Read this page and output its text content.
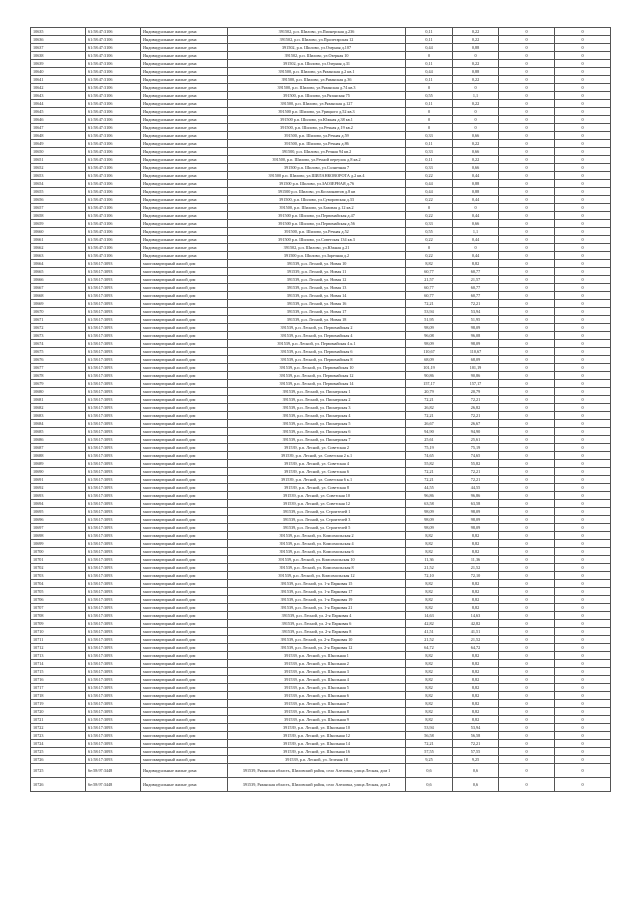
10635	61:58:47:3106	Индивидуальные жилые дома	391502, р.п. Шилово, ул.Пионерская д.236	0,11	0,22	0	0
10636	61:58:47:3106	Индивидуальные жилые дома	391502, р.п. Шилово, ул.Пролетарская 12	0,11	0,22	0	0
10637	61:58:47:3106	Индивидуальные жилые дома	391502, р.п. Шилово, ул.Озерная д.107	0,44	0,88	0	0
10638	61:58:47:3106	Индивидуальные жилые дома	391502, р.п. Шилово, ул.Озерная 10	0	0	0	0
10639	61:58:47:3106	Индивидуальные жилые дома	391502, р.п. Шилово, ул.Озерная д.31	0,11	0,22	0	0
10640	61:58:47:3106	Индивидуальные жилые дома	391500, р.п. Шилово, ул.Рязанская д.2 кв.1	0,44	0,88	0	0
10641	61:58:47:3106	Индивидуальные жилые дома	391500, р.п. Шилово, ул.Рязанская д.36	0,11	0,22	0	0
10642	61:58:47:3106	Индивидуальные жилые дома	391500, р.п. Шилово, ул.Рязанская д.74 кв.3	0	0	0	0
10643	61:58:47:3106	Индивидуальные жилые дома	391500, р.п. Шилово, ул.Рязанская 75	0,55	1,1	0	0
10644	61:58:47:3106	Индивидуальные жилые дома	391500, р.п. Шилово, ул.Рязанская д.127	0,11	0,22	0	0
10645	61:58:47:3106	Индивидуальные жилые дома	391500 р.п. Шилово, ул.Урицкого д.52 кв.3	0	0	0	0
10646	61:58:47:3106	Индивидуальные жилые дома	391500 р.п. Шилово, ул.Южная д.38 кв.1	0	0	0	0
10647	61:58:47:3106	Индивидуальные жилые дома	391500, р.п. Шилово, ул.Речная д.19 кв.2	0	0	0	0
10648	61:58:47:3106	Индивидуальные жилые дома	391500, р.п. Шилово, ул.Речная д.59	0,33	0,66	0	0
10649	61:58:47:3106	Индивидуальные жилые дома	391500, р.п. Шилово, ул.Речная д.86	0,11	0,22	0	0
10650	61:58:47:3106	Индивидуальные жилые дома	391500, р.п. Шилово, ул.Речная 94 кв.2	0,33	0,66	0	0
10651	61:58:47:3106	Индивидуальные жилые дома	391500, р.п. Шилово, ул.Речной переулок д.8 кв.2	0,11	0,22	0	0
10652	61:58:47:3106	Индивидуальные жилые дома	391500 р.п. Шилово, ул.Солнечная 7	0,33	0,66	0	0
10653	61:58:47:3106	Индивидуальные жилые дома	391500 р.п. Шилово, ул.ШИЛАНКОВОРОТА д.2 кв.4	0,22	0,44	0	0
10654	61:58:47:3106	Индивидуальные жилые дома	391500 р.п. Шилово, ул.ЗАОЗЕРНАЯ д.76	0,44	0,88	0	0
10655	61:58:47:3106	Индивидуальные жилые дома	391500 р.п. Шилово, ул.Космонавтов д.8 кв	0,44	0,88	0	0
10656	61:58:47:3106	Индивидуальные жилые дома	391500, р.п. Шилово, ул.Суворовская д.33	0,22	0,44	0	0
10657	61:58:47:3106	Индивидуальные жилые дома	391500, р.п. Шилово, ул.Базовая д.12 кв.2	0	0	0	0
10658	61:58:47:3106	Индивидуальные жилые дома	391500 р.п. Шилово, ул.Первомайская д.47	0,22	0,44	0	0
10659	61:58:47:3106	Индивидуальные жилые дома	391500 р.п. Шилово, ул.Первомайская д.56	0,33	0,66	0	0
10660	61:58:47:3106	Индивидуальные жилые дома	391500, р.п. Шилово, ул.Речная д.52	0,55	1,1	0	0
10661	61:58:47:3106	Индивидуальные жилые дома	391500 р.п. Шилово, ул.Советская 134 кв.3	0,22	0,44	0	0
10662	61:58:47:3106	Индивидуальные жилые дома	391502, р.п. Шилово, ул.Южная д.21	0	0	0	0
10663	61:58:47:3106	Индивидуальные жилые дома	391500 р.п. Шилово, ул.Заречная д.2	0,22	0,44	0	0
10664	61:58:17:3093	многоквартирный жилой дом	391539, р.п. Лесной, ул. Новая 10	8,82	8,82	0	0
10665	61:58:17:3093	многоквартирный жилой дом	391539, р.п. Лесной, ул. Новая 11	60,77	60,77	0	0
10666	61:58:17:3093	многоквартирный жилой дом	391539, р.п. Лесной, ул. Новая 12	21,57	21,57	0	0
10667	61:58:17:3093	многоквартирный жилой дом	391539, р.п. Лесной, ул. Новая 13	60,77	60,77	0	0
10668	61:58:17:3093	многоквартирный жилой дом	391539, р.п. Лесной, ул. Новая 14	60,77	60,77	0	0
10669	61:58:17:3093	многоквартирный жилой дом	391539, р.п. Лесной, ул. Новая 16	72,21	72,21	0	0
10670	61:58:17:3093	многоквартирный жилой дом	391539, р.п. Лесной, ул. Новая 17	53,94	53,94	0	0
10671	61:58:17:3093	многоквартирный жилой дом	391539, р.п. Лесной, ул. Новая 18	51,95	51,95	0	0
10672	61:58:17:3093	многоквартирный жилой дом	391539, р.п. Лесной, ул. Первомайская 2	98,09	98,09	0	0
10673	61:58:17:3093	многоквартирный жилой дом	391539, р.п. Лесной, ул. Первомайская 4	96,08	96,08	0	0
10674	61:58:17:3093	многоквартирный жилой дом	391539, р.п. Лесной, ул. Первомайская 4 к.1	98,09	98,09	0	0
10675	61:58:17:3093	многоквартирный жилой дом	391539, р.п. Лесной, ул. Первомайская 6	110,67	110,67	0	0
10676	61:58:17:3093	многоквартирный жилой дом	391539, р.п. Лесной, ул. Первомайская 8	68,09	68,09	0	0
10677	61:58:17:3093	многоквартирный жилой дом	391539, р.п. Лесной, ул. Первомайская 10	101,19	101,19	0	0
10678	61:58:17:3093	многоквартирный жилой дом	391539, р.п. Лесной, ул. Первомайская 12	90,86	90,86	0	0
10679	61:58:17:3093	многоквартирный жилой дом	391539, р.п. Лесной, ул. Первомайская 14	157,17	157,17	0	0
10680	61:58:17:3093	многоквартирный жилой дом	391539, р.п. Лесной, ул. Пионерская 1	20,79	20,79	0	0
10681	61:58:17:3093	многоквартирный жилой дом	391539, р.п. Лесной, ул. Пионерская 2	72,21	72,21	0	0
10682	61:58:17:3093	многоквартирный жилой дом	391539, р.п. Лесной, ул. Пионерская 3	26,82	26,82	0	0
10683	61:58:17:3093	многоквартирный жилой дом	391539, р.п. Лесной, ул. Пионерская 4	72,21	72,21	0	0
10684	61:58:17:3093	многоквартирный жилой дом	391539, р.п. Лесной, ул. Пионерская 5	26,67	26,67	0	0
10685	61:58:17:3093	многоквартирный жилой дом	391539, р.п. Лесной, ул. Пионерская 6	94,90	94,90	0	0
10686	61:58:17:3093	многоквартирный жилой дом	391539, р.п. Лесной, ул. Пионерская 7	25,61	25,61	0	0
10687	61:58:17:3093	многоквартирный жилой дом	391539, р.п. Лесной, ул. Советская 2	75,19	75,19	0	0
10688	61:58:17:3093	многоквартирный жилой дом	391539, р.п. Лесной, ул. Советская 2 к.1	74,65	74,65	0	0
10689	61:58:17:3093	многоквартирный жилой дом	391539, р.п. Лесной, ул. Советская 4	55,82	55,82	0	0
10690	61:58:17:3093	многоквартирный жилой дом	391539, р.п. Лесной, ул. Советская 6	72,21	72,21	0	0
10691	61:58:17:3093	многоквартирный жилой дом	391539, р.п. Лесной, ул. Советская 6 к.1	72,21	72,21	0	0
10692	61:58:17:3093	многоквартирный жилой дом	391539, р.п. Лесной, ул. Советская 8	44,55	44,55	0	0
10693	61:58:17:3093	многоквартирный жилой дом	391539, р.п. Лесной, ул. Советская 10	96,86	96,86	0	0
10694	61:58:17:3093	многоквартирный жилой дом	391539, р.п. Лесной, ул. Советская 12	63,58	63,58	0	0
10695	61:58:17:3093	многоквартирный жилой дом	391539, р.п. Лесной, ул. Строителей 1	98,09	98,09	0	0
10696	61:58:17:3093	многоквартирный жилой дом	391539, р.п. Лесной, ул. Строителей 3	98,09	98,09	0	0
10697	61:58:17:3093	многоквартирный жилой дом	391539, р.п. Лесной, ул. Строителей 5	98,09	98,09	0	0
10698	61:58:17:3093	многоквартирный жилой дом	391539, р.п. Лесной, ул. Комсомольская 2	8,82	8,82	0	0
10699	61:58:17:3093	многоквартирный жилой дом	391539, р.п. Лесной, ул. Комсомольская 4	8,82	8,82	0	0
10700	61:58:17:3093	многоквартирный жилой дом	391539, р.п. Лесной, ул. Комсомольская 6	8,82	8,82	0	0
10701	61:58:17:3093	многоквартирный жилой дом	391539, р.п. Лесной, ул. Комсомольская 10	11,36	11,36	0	0
10702	61:58:17:3093	многоквартирный жилой дом	391539, р.п. Лесной, ул. Комсомольская 8	21,52	21,52	0	0
10703	61:58:17:3093	многоквартирный жилой дом	391539, р.п. Лесной, ул. Комсомольская 12	72,10	72,10	0	0
10704	61:58:17:3093	многоквартирный жилой дом	391539, р.п. Лесной, ул. 1-я Парковая 15	8,82	8,82	0	0
10705	61:58:17:3093	многоквартирный жилой дом	391539, р.п. Лесной, ул. 1-я Парковая 17	8,82	8,82	0	0
10706	61:58:17:3093	многоквартирный жилой дом	391539, р.п. Лесной, ул. 1-я Парковая 19	8,82	8,82	0	0
10707	61:58:17:3093	многоквартирный жилой дом	391539, р.п. Лесной, ул. 1-я Парковая 21	8,82	8,82	0	0
10708	61:58:17:3093	многоквартирный жилой дом	391539, р.п. Лесной, ул. 2-я Парковая 4	14,63	14,63	0	0
10709	61:58:17:3093	многоквартирный жилой дом	391539, р.п. Лесной, ул. 2-я Парковая 6	42,82	42,82	0	0
10710	61:58:17:3093	многоквартирный жилой дом	391539, р.п. Лесной, ул. 2-я Парковая 8	41,51	41,51	0	0
10711	61:58:17:3093	многоквартирный жилой дом	391539, р.п. Лесной, ул. 2-я Парковая 10	21,52	21,52	0	0
10712	61:58:17:3093	многоквартирный жилой дом	391539, р.п. Лесной, ул. 2-я Парковая 12	64,72	64,72	0	0
10713	61:58:17:3093	многоквартирный жилой дом	391539, р.п. Лесной, ул. Школьная 1	8,82	8,82	0	0
10714	61:58:17:3093	многоквартирный жилой дом	391539, р.п. Лесной, ул. Школьная 2	8,82	8,82	0	0
10715	61:58:17:3093	многоквартирный жилой дом	391539, р.п. Лесной, ул. Школьная 3	8,82	8,82	0	0
10716	61:58:17:3093	многоквартирный жилой дом	391539, р.п. Лесной, ул. Школьная 4	8,82	8,82	0	0
10717	61:58:17:3093	многоквартирный жилой дом	391539, р.п. Лесной, ул. Школьная 5	8,82	8,82	0	0
10718	61:58:17:3093	многоквартирный жилой дом	391539, р.п. Лесной, ул. Школьная 6	8,82	8,82	0	0
10719	61:58:17:3093	многоквартирный жилой дом	391539, р.п. Лесной, ул. Школьная 7	8,82	8,82	0	0
10720	61:58:17:3093	многоквартирный жилой дом	391539, р.п. Лесной, ул. Школьная 8	8,82	8,82	0	0
10721	61:58:17:3093	многоквартирный жилой дом	391539, р.п. Лесной, ул. Школьная 9	8,82	8,82	0	0
10722	61:58:17:3093	многоквартирный жилой дом	391539, р.п. Лесной, ул. Школьная 10	53,94	53,94	0	0
10723	61:58:17:3093	многоквартирный жилой дом	391539, р.п. Лесной, ул. Школьная 12	56,58	56,58	0	0
10724	61:58:17:3093	многоквартирный жилой дом	391539, р.п. Лесной, ул. Школьная 14	72,21	72,21	0	0
10725	61:58:17:3093	многоквартирный жилой дом	391539, р.п. Лесной, ул. Школьная 16	57,55	57,55	0	0
10726	61:58:17:3093	многоквартирный жилой дом	391539, р.п. Лесной, ул. Зеленая 18	9,25	9,25	0	0
10725	6e:58:97:3448	Индивидуальные жилые дома	391539, Рязанская область, Шиловский район, село Алеховка, улица Лесная, дом 1	0,6	0,6	0	0
10726	6e:58:97:3448	Индивидуальные жилые дома	391539, Рязанская область, Шиловский район, село Алеховка, улица Лесная, дом 2	0,6	0,6	0	0
